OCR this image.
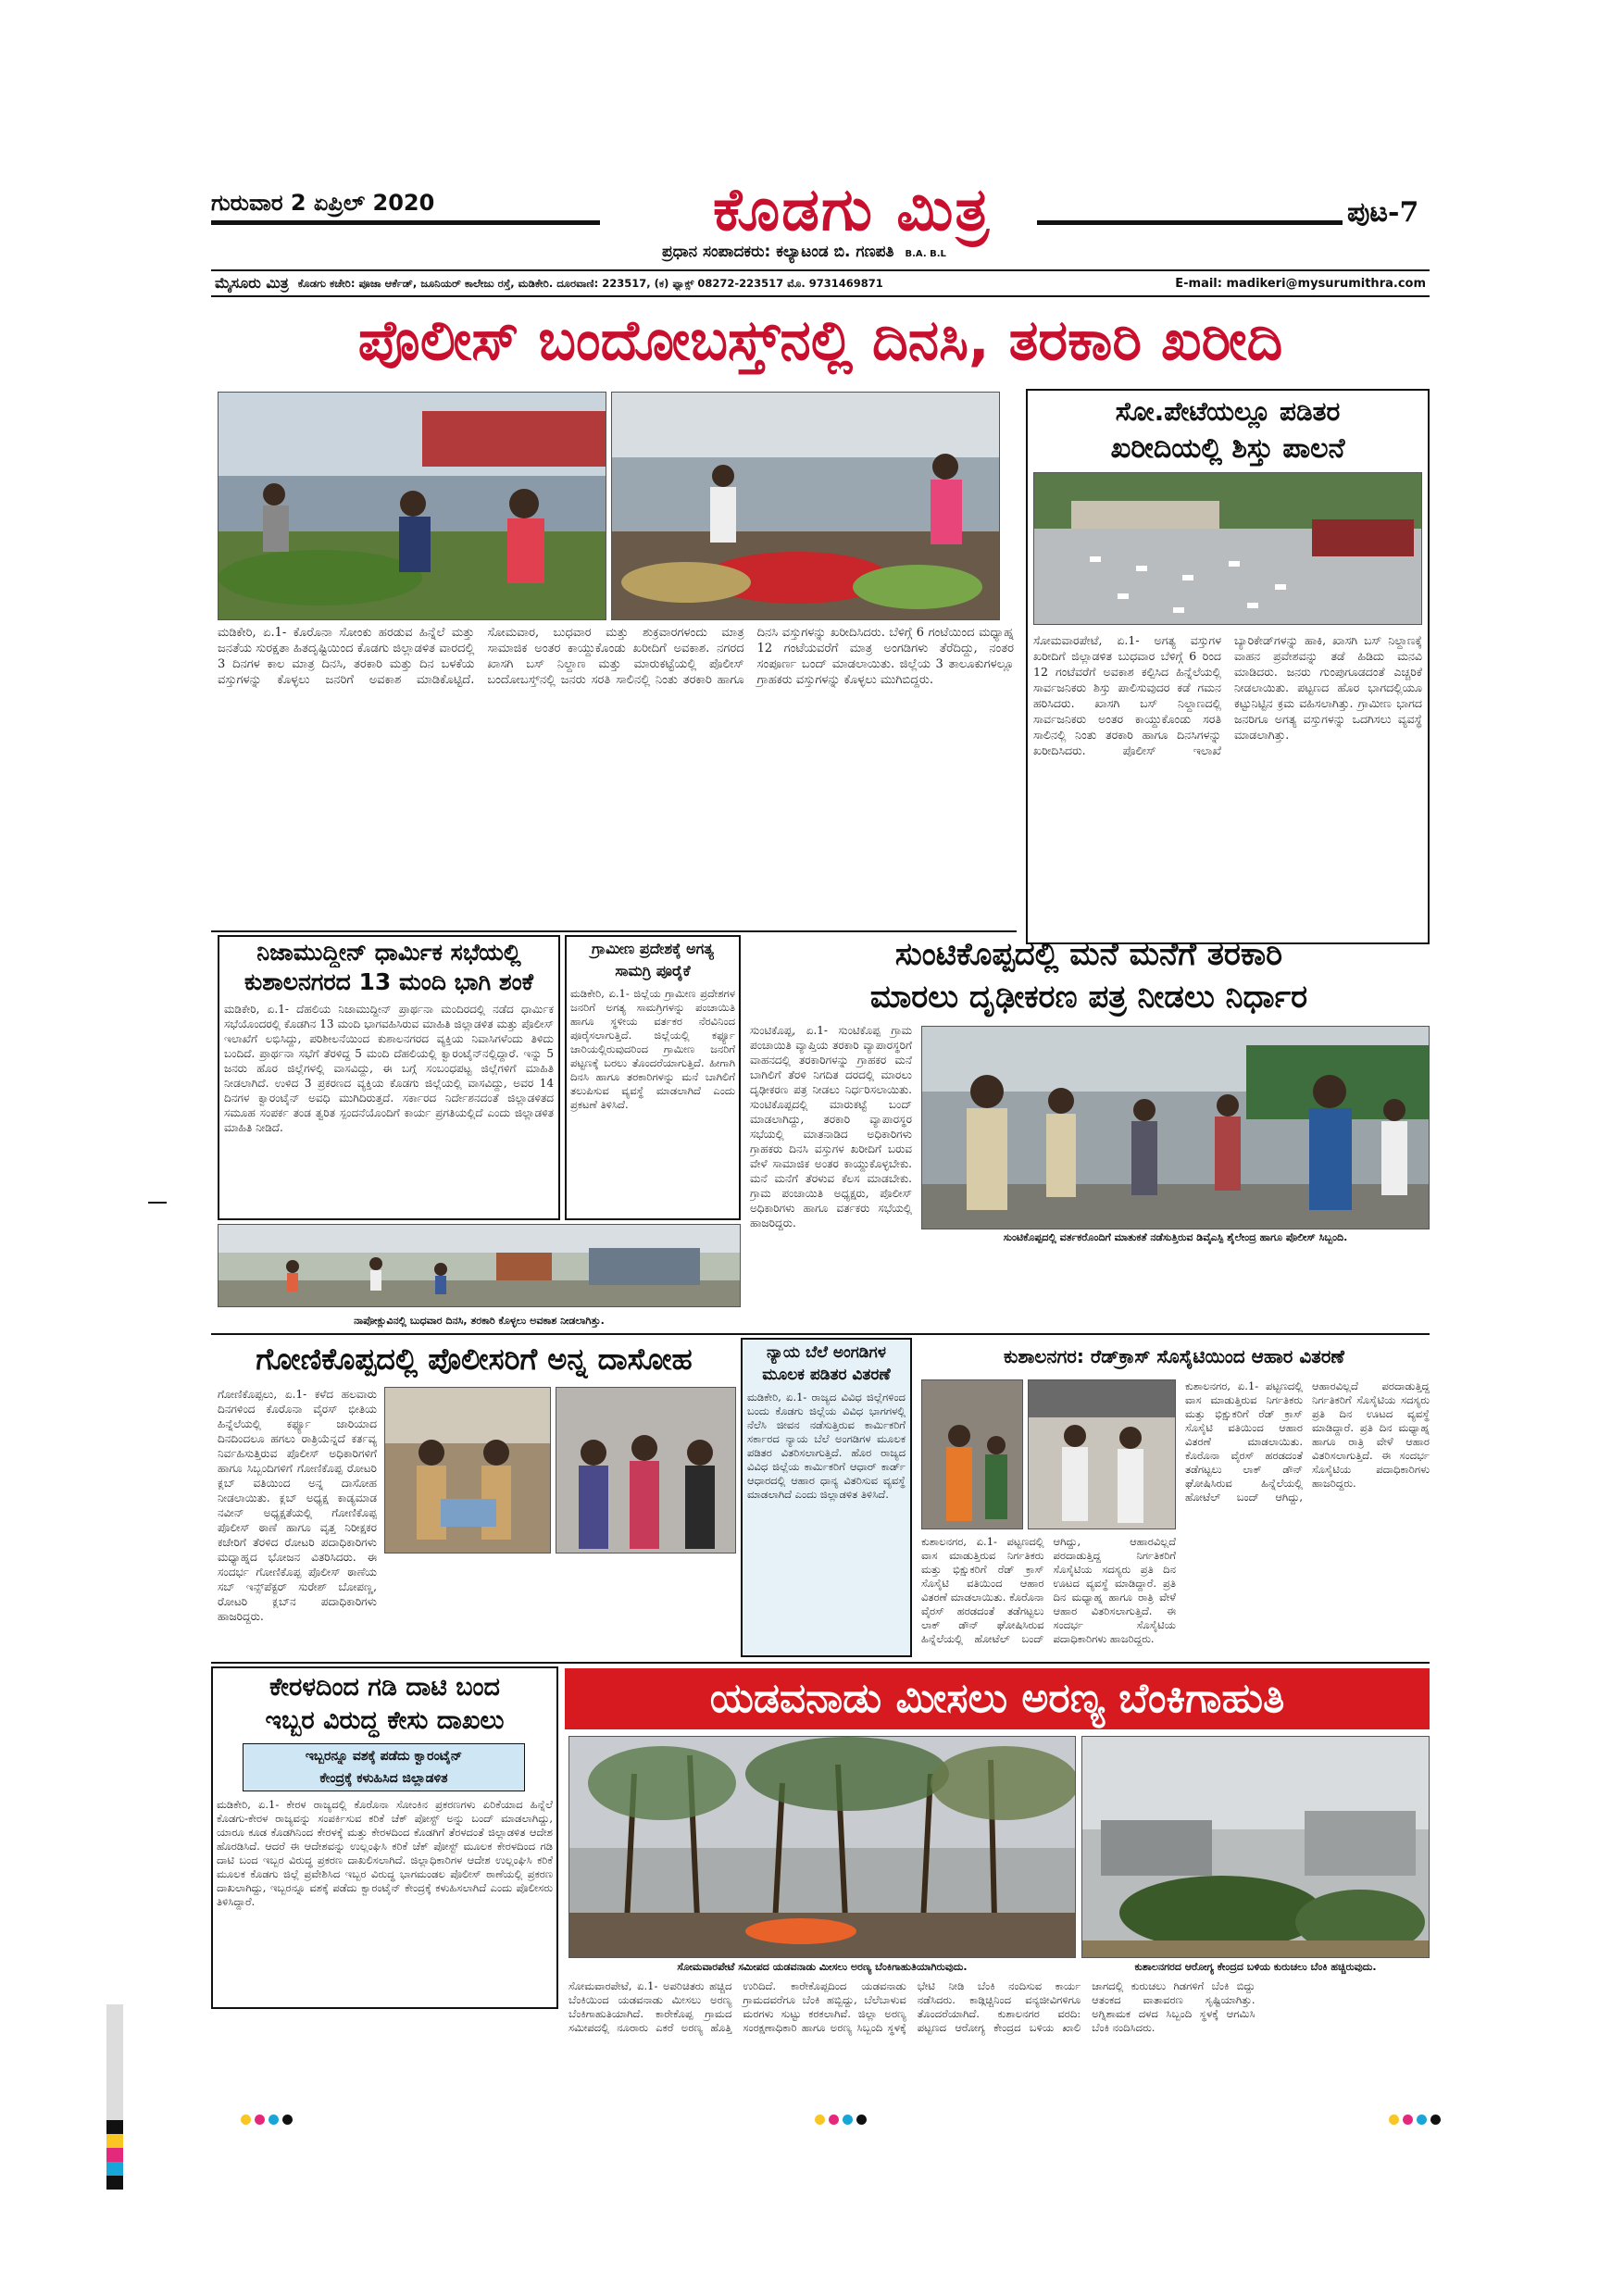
ಗುರುವಾರ 2 ಏಪ್ರಿಲ್ 2020	ಕೊಡಗು ಮಿತ್ರ	ಪುಟ-7
ಪ್ರಧಾನ ಸಂಪಾದಕರು: ಕಲ್ಯಾಟಂಡ ಬಿ. ಗಣಪತಿ B.A. B.L
ಮೈಸೂರು ಮಿತ್ರ ಕೊಡಗು ಕಚೇರಿ: ಪೂಜಾ ಆರ್ಕೆಡ್, ಜೂನಿಯರ್ ಕಾಲೇಜು ರಸ್ತೆ, ಮಡಿಕೇರಿ. ದೂರವಾಣಿ: 223517, (ಕ) ಫ್ಯಾಕ್ಸ್ 08272-223517 ಮೊ. 9731469871	E-mail: madikeri@mysurumithra.com
ಪೊಲೀಸ್ ಬಂದೋಬಸ್ತ್‌ನಲ್ಲಿ ದಿನಸಿ, ತರಕಾರಿ ಖರೀದಿ
ಸೋ.ಪೇಟೆಯಲ್ಲೂ ಪಡಿತರ
ಖರೀದಿಯಲ್ಲಿ ಶಿಸ್ತು ಪಾಲನೆ
ಸೋಮವಾರಪೇಟೆ, ಏ.1- ಅಗತ್ಯ ವಸ್ತುಗಳ ಖರೀದಿಗೆ ಜಿಲ್ಲಾಡಳಿತ ಬುಧವಾರ ಬೆಳಿಗ್ಗೆ 6 ರಿಂದ 12 ಗಂಟೆವರೆಗೆ ಅವಕಾಶ ಕಲ್ಪಿಸಿದ ಹಿನ್ನೆಲೆಯಲ್ಲಿ ಸಾರ್ವಜನಿಕರು ಶಿಸ್ತು ಪಾಲಿಸುವುದರ ಕಡೆ ಗಮನ ಹರಿಸಿದರು. ಖಾಸಗಿ ಬಸ್ ನಿಲ್ದಾಣದಲ್ಲಿ ಸಾರ್ವಜನಿಕರು ಅಂತರ ಕಾಯ್ದುಕೊಂಡು ಸರತಿ ಸಾಲಿನಲ್ಲಿ ನಿಂತು ತರಕಾರಿ ಹಾಗೂ ದಿನಸಿಗಳನ್ನು ಖರೀದಿಸಿದರು. ಪೊಲೀಸ್ ಇಲಾಖೆ ಬ್ಯಾರಿಕೇಡ್‌ಗಳನ್ನು ಹಾಕಿ, ಖಾಸಗಿ ಬಸ್ ನಿಲ್ದಾಣಕ್ಕೆ ವಾಹನ ಪ್ರವೇಶವನ್ನು ತಡೆ ಹಿಡಿದು ಮನವಿ ಮಾಡಿದರು. ಜನರು ಗುಂಪುಗೂಡದಂತೆ ಎಚ್ಚರಿಕೆ ನೀಡಲಾಯಿತು. ಪಟ್ಟಣದ ಹೊರ ಭಾಗದಲ್ಲಿಯೂ ಕಟ್ಟುನಿಟ್ಟಿನ ಕ್ರಮ ವಹಿಸಲಾಗಿತ್ತು. ಗ್ರಾಮೀಣ ಭಾಗದ ಜನರಿಗೂ ಅಗತ್ಯ ವಸ್ತುಗಳನ್ನು ಒದಗಿಸಲು ವ್ಯವಸ್ಥೆ ಮಾಡಲಾಗಿತ್ತು.
ಮಡಿಕೇರಿ, ಏ.1- ಕೊರೊನಾ ಸೋಂಕು ಹರಡುವ ಹಿನ್ನೆಲೆ ಮತ್ತು ಜನತೆಯ ಸುರಕ್ಷತಾ ಹಿತದೃಷ್ಟಿಯಿಂದ ಕೊಡಗು ಜಿಲ್ಲಾಡಳಿತ ವಾರದಲ್ಲಿ 3 ದಿನಗಳ ಕಾಲ ಮಾತ್ರ ದಿನಸಿ, ತರಕಾರಿ ಮತ್ತು ದಿನ ಬಳಕೆಯ ವಸ್ತುಗಳನ್ನು ಕೊಳ್ಳಲು ಜನರಿಗೆ ಅವಕಾಶ ಮಾಡಿಕೊಟ್ಟಿದೆ. ಸೋಮವಾರ, ಬುಧವಾರ ಮತ್ತು ಶುಕ್ರವಾರಗಳಂದು ಮಾತ್ರ ಸಾಮಾಜಿಕ ಅಂತರ ಕಾಯ್ದುಕೊಂಡು ಖರೀದಿಗೆ ಅವಕಾಶ. ನಗರದ ಖಾಸಗಿ ಬಸ್ ನಿಲ್ದಾಣ ಮತ್ತು ಮಾರುಕಟ್ಟೆಯಲ್ಲಿ ಪೊಲೀಸ್ ಬಂದೋಬಸ್ತ್‌ನಲ್ಲಿ ಜನರು ಸರತಿ ಸಾಲಿನಲ್ಲಿ ನಿಂತು ತರಕಾರಿ ಹಾಗೂ ದಿನಸಿ ವಸ್ತುಗಳನ್ನು ಖರೀದಿಸಿದರು. ಬೆಳಿಗ್ಗೆ 6 ಗಂಟೆಯಿಂದ ಮಧ್ಯಾಹ್ನ 12 ಗಂಟೆಯವರೆಗೆ ಮಾತ್ರ ಅಂಗಡಿಗಳು ತೆರೆದಿದ್ದು, ನಂತರ ಸಂಪೂರ್ಣ ಬಂದ್ ಮಾಡಲಾಯಿತು. ಜಿಲ್ಲೆಯ 3 ತಾಲೂಕುಗಳಲ್ಲೂ ಗ್ರಾಹಕರು ವಸ್ತುಗಳನ್ನು ಕೊಳ್ಳಲು ಮುಗಿಬಿದ್ದರು.
ನಿಜಾಮುದ್ದೀನ್ ಧಾರ್ಮಿಕ ಸಭೆಯಲ್ಲಿ
ಕುಶಾಲನಗರದ 13 ಮಂದಿ ಭಾಗಿ ಶಂಕೆ
ಮಡಿಕೇರಿ, ಏ.1- ದೆಹಲಿಯ ನಿಜಾಮುದ್ದೀನ್ ಪ್ರಾರ್ಥನಾ ಮಂದಿರದಲ್ಲಿ ನಡೆದ ಧಾರ್ಮಿಕ ಸಭೆಯೊಂದರಲ್ಲಿ ಕೊಡಗಿನ 13 ಮಂದಿ ಭಾಗವಹಿಸಿರುವ ಮಾಹಿತಿ ಜಿಲ್ಲಾಡಳಿತ ಮತ್ತು ಪೊಲೀಸ್ ಇಲಾಖೆಗೆ ಲಭಿಸಿದ್ದು, ಪರಿಶೀಲನೆಯಿಂದ ಕುಶಾಲನಗರದ ವ್ಯಕ್ತಿಯ ನಿವಾಸಿಗಳೆಂದು ತಿಳಿದು ಬಂದಿದೆ. ಪ್ರಾರ್ಥನಾ ಸಭೆಗೆ ತೆರಳಿದ್ದ 5 ಮಂದಿ ದೆಹಲಿಯಲ್ಲಿ ಕ್ವಾರಂಟೈನ್‌ನಲ್ಲಿದ್ದಾರೆ. ಇನ್ನು 5 ಜನರು ಹೊರ ಜಿಲ್ಲೆಗಳಲ್ಲಿ ವಾಸವಿದ್ದು, ಈ ಬಗ್ಗೆ ಸಂಬಂಧಪಟ್ಟ ಜಿಲ್ಲೆಗಳಿಗೆ ಮಾಹಿತಿ ನೀಡಲಾಗಿದೆ. ಉಳಿದ 3 ಪ್ರಕರಣದ ವ್ಯಕ್ತಿಯ ಕೊಡಗು ಜಿಲ್ಲೆಯಲ್ಲಿ ವಾಸವಿದ್ದು, ಅವರ 14 ದಿನಗಳ ಕ್ವಾರಂಟೈನ್ ಅವಧಿ ಮುಗಿದಿರುತ್ತದೆ. ಸರ್ಕಾರದ ನಿರ್ದೇಶನದಂತೆ ಜಿಲ್ಲಾಡಳಿತದ ಸಮೂಹ ಸಂಪರ್ಕ ತಂಡ ತ್ವರಿತ ಸ್ಪಂದನೆಯೊಂದಿಗೆ ಕಾರ್ಯ ಪ್ರಗತಿಯಲ್ಲಿದೆ ಎಂದು ಜಿಲ್ಲಾಡಳಿತ ಮಾಹಿತಿ ನೀಡಿದೆ.
ಗ್ರಾಮೀಣ ಪ್ರದೇಶಕ್ಕೆ ಅಗತ್ಯ
ಸಾಮಗ್ರಿ ಪೂರೈಕೆ
ಮಡಿಕೇರಿ, ಏ.1- ಜಿಲ್ಲೆಯ ಗ್ರಾಮೀಣ ಪ್ರದೇಶಗಳ ಜನರಿಗೆ ಅಗತ್ಯ ಸಾಮಗ್ರಿಗಳನ್ನು ಪಂಚಾಯಿತಿ ಹಾಗೂ ಸ್ಥಳೀಯ ವರ್ತಕರ ನೆರವಿನಿಂದ ಪೂರೈಸಲಾಗುತ್ತಿದೆ. ಜಿಲ್ಲೆಯಲ್ಲಿ ಕರ್ಫ್ಯೂ ಜಾರಿಯಲ್ಲಿರುವುದರಿಂದ ಗ್ರಾಮೀಣ ಜನರಿಗೆ ಪಟ್ಟಣಕ್ಕೆ ಬರಲು ತೊಂದರೆಯಾಗುತ್ತಿದೆ. ಹೀಗಾಗಿ ದಿನಸಿ ಹಾಗೂ ತರಕಾರಿಗಳನ್ನು ಮನೆ ಬಾಗಿಲಿಗೆ ತಲುಪಿಸುವ ವ್ಯವಸ್ಥೆ ಮಾಡಲಾಗಿದೆ ಎಂದು ಪ್ರಕಟಣೆ ತಿಳಿಸಿದೆ.
ನಾಪೋಕ್ಲುವಿನಲ್ಲಿ ಬುಧವಾರ ದಿನಸಿ, ತರಕಾರಿ ಕೊಳ್ಳಲು ಅವಕಾಶ ನೀಡಲಾಗಿತ್ತು.
ಸುಂಟಿಕೊಪ್ಪದಲ್ಲಿ ಮನೆ ಮನೆಗೆ ತರಕಾರಿ
ಮಾರಲು ದೃಢೀಕರಣ ಪತ್ರ ನೀಡಲು ನಿರ್ಧಾರ
ಸುಂಟಿಕೊಪ್ಪ, ಏ.1- ಸುಂಟಿಕೊಪ್ಪ ಗ್ರಾಮ ಪಂಚಾಯಿತಿ ವ್ಯಾಪ್ತಿಯ ತರಕಾರಿ ವ್ಯಾಪಾರಸ್ಥರಿಗೆ ವಾಹನದಲ್ಲಿ ತರಕಾರಿಗಳನ್ನು ಗ್ರಾಹಕರ ಮನೆ ಬಾಗಿಲಿಗೆ ತೆರಳಿ ನಿಗದಿತ ದರದಲ್ಲಿ ಮಾರಲು ದೃಢೀಕರಣ ಪತ್ರ ನೀಡಲು ನಿರ್ಧರಿಸಲಾಯಿತು. ಸುಂಟಿಕೊಪ್ಪದಲ್ಲಿ ಮಾರುಕಟ್ಟೆ ಬಂದ್ ಮಾಡಲಾಗಿದ್ದು, ತರಕಾರಿ ವ್ಯಾಪಾರಸ್ಥರ ಸಭೆಯಲ್ಲಿ ಮಾತನಾಡಿದ ಅಧಿಕಾರಿಗಳು ಗ್ರಾಹಕರು ದಿನಸಿ ವಸ್ತುಗಳ ಖರೀದಿಗೆ ಬರುವ ವೇಳೆ ಸಾಮಾಜಿಕ ಅಂತರ ಕಾಯ್ದುಕೊಳ್ಳಬೇಕು. ಮನೆ ಮನೆಗೆ ತೆರಳುವ ಕೆಲಸ ಮಾಡಬೇಕು. ಗ್ರಾಮ ಪಂಚಾಯಿತಿ ಅಧ್ಯಕ್ಷರು, ಪೊಲೀಸ್ ಅಧಿಕಾರಿಗಳು ಹಾಗೂ ವರ್ತಕರು ಸಭೆಯಲ್ಲಿ ಹಾಜರಿದ್ದರು.
ಸುಂಟಿಕೊಪ್ಪದಲ್ಲಿ ವರ್ತಕರೊಂದಿಗೆ ಮಾತುಕತೆ ನಡೆಸುತ್ತಿರುವ ಡಿವೈಎಸ್ಪಿ ಶೈಲೇಂದ್ರ ಹಾಗೂ ಪೊಲೀಸ್ ಸಿಬ್ಬಂದಿ.
ಗೋಣಿಕೊಪ್ಪದಲ್ಲಿ ಪೊಲೀಸರಿಗೆ ಅನ್ನ ದಾಸೋಹ
ಗೋಣಿಕೊಪ್ಪಲು, ಏ.1- ಕಳೆದ ಹಲವಾರು ದಿನಗಳಿಂದ ಕೊರೊನಾ ವೈರಸ್ ಭೀತಿಯ ಹಿನ್ನೆಲೆಯಲ್ಲಿ ಕರ್ಫ್ಯೂ ಜಾರಿಯಾದ ದಿನದಿಂದಲೂ ಹಗಲು ರಾತ್ರಿಯೆನ್ನದೆ ಕರ್ತವ್ಯ ನಿರ್ವಹಿಸುತ್ತಿರುವ ಪೊಲೀಸ್ ಅಧಿಕಾರಿಗಳಿಗೆ ಹಾಗೂ ಸಿಬ್ಬಂದಿಗಳಿಗೆ ಗೋಣಿಕೊಪ್ಪ ರೋಟರಿ ಕ್ಲಬ್ ವತಿಯಿಂದ ಅನ್ನ ದಾಸೋಹ ನೀಡಲಾಯಿತು. ಕ್ಲಬ್ ಅಧ್ಯಕ್ಷ ಕಾಡ್ಯಮಾಡ ನವೀನ್ ಅಧ್ಯಕ್ಷತೆಯಲ್ಲಿ ಗೋಣಿಕೊಪ್ಪ ಪೊಲೀಸ್ ಠಾಣೆ ಹಾಗೂ ವೃತ್ತ ನಿರೀಕ್ಷಕರ ಕಚೇರಿಗೆ ತೆರಳಿದ ರೋಟರಿ ಪದಾಧಿಕಾರಿಗಳು ಮಧ್ಯಾಹ್ನದ ಭೋಜನ ವಿತರಿಸಿದರು. ಈ ಸಂದರ್ಭ ಗೋಣಿಕೊಪ್ಪ ಪೊಲೀಸ್ ಠಾಣೆಯ ಸಬ್ ಇನ್ಸ್‌ಪೆಕ್ಟರ್ ಸುರೇಶ್ ಬೋಪಣ್ಣ, ರೋಟರಿ ಕ್ಲಬ್‌ನ ಪದಾಧಿಕಾರಿಗಳು ಹಾಜರಿದ್ದರು.
ನ್ಯಾಯ ಬೆಲೆ ಅಂಗಡಿಗಳ
ಮೂಲಕ ಪಡಿತರ ವಿತರಣೆ
ಮಡಿಕೇರಿ, ಏ.1- ರಾಜ್ಯದ ವಿವಿಧ ಜಿಲ್ಲೆಗಳಿಂದ ಬಂದು ಕೊಡಗು ಜಿಲ್ಲೆಯ ವಿವಿಧ ಭಾಗಗಳಲ್ಲಿ ನೆಲೆಸಿ ಜೀವನ ನಡೆಸುತ್ತಿರುವ ಕಾರ್ಮಿಕರಿಗೆ ಸರ್ಕಾರದ ನ್ಯಾಯ ಬೆಲೆ ಅಂಗಡಿಗಳ ಮೂಲಕ ಪಡಿತರ ವಿತರಿಸಲಾಗುತ್ತಿದೆ. ಹೊರ ರಾಜ್ಯದ ವಿವಿಧ ಜಿಲ್ಲೆಯ ಕಾರ್ಮಿಕರಿಗೆ ಆಧಾರ್ ಕಾರ್ಡ್ ಆಧಾರದಲ್ಲಿ ಆಹಾರ ಧಾನ್ಯ ವಿತರಿಸುವ ವ್ಯವಸ್ಥೆ ಮಾಡಲಾಗಿದೆ ಎಂದು ಜಿಲ್ಲಾಡಳಿತ ತಿಳಿಸಿದೆ.
ಕುಶಾಲನಗರ: ರೆಡ್‌ಕ್ರಾಸ್ ಸೊಸೈಟಿಯಿಂದ ಆಹಾರ ವಿತರಣೆ
ಕುಶಾಲನಗರ, ಏ.1- ಪಟ್ಟಣದಲ್ಲಿ ವಾಸ ಮಾಡುತ್ತಿರುವ ನಿರ್ಗತಿಕರು ಮತ್ತು ಭಿಕ್ಷುಕರಿಗೆ ರೆಡ್ ಕ್ರಾಸ್ ಸೊಸೈಟಿ ವತಿಯಿಂದ ಆಹಾರ ವಿತರಣೆ ಮಾಡಲಾಯಿತು. ಕೊರೊನಾ ವೈರಸ್ ಹರಡದಂತೆ ತಡೆಗಟ್ಟಲು ಲಾಕ್ ಡೌನ್ ಘೋಷಿಸಿರುವ ಹಿನ್ನೆಲೆಯಲ್ಲಿ ಹೋಟೆಲ್ ಬಂದ್ ಆಗಿದ್ದು, ಆಹಾರವಿಲ್ಲದೆ ಪರದಾಡುತ್ತಿದ್ದ ನಿರ್ಗತಿಕರಿಗೆ ಸೊಸೈಟಿಯ ಸದಸ್ಯರು ಪ್ರತಿ ದಿನ ಊಟದ ವ್ಯವಸ್ಥೆ ಮಾಡಿದ್ದಾರೆ. ಪ್ರತಿ ದಿನ ಮಧ್ಯಾಹ್ನ ಹಾಗೂ ರಾತ್ರಿ ವೇಳೆ ಆಹಾರ ವಿತರಿಸಲಾಗುತ್ತಿದೆ. ಈ ಸಂದರ್ಭ ಸೊಸೈಟಿಯ ಪದಾಧಿಕಾರಿಗಳು ಹಾಜರಿದ್ದರು.
ಕುಶಾಲನಗರ, ಏ.1- ಪಟ್ಟಣದಲ್ಲಿ ವಾಸ ಮಾಡುತ್ತಿರುವ ನಿರ್ಗತಿಕರು ಮತ್ತು ಭಿಕ್ಷುಕರಿಗೆ ರೆಡ್ ಕ್ರಾಸ್ ಸೊಸೈಟಿ ವತಿಯಿಂದ ಆಹಾರ ವಿತರಣೆ ಮಾಡಲಾಯಿತು. ಕೊರೊನಾ ವೈರಸ್ ಹರಡದಂತೆ ತಡೆಗಟ್ಟಲು ಲಾಕ್ ಡೌನ್ ಘೋಷಿಸಿರುವ ಹಿನ್ನೆಲೆಯಲ್ಲಿ ಹೋಟೆಲ್ ಬಂದ್ ಆಗಿದ್ದು, ಆಹಾರವಿಲ್ಲದೆ ಪರದಾಡುತ್ತಿದ್ದ ನಿರ್ಗತಿಕರಿಗೆ ಸೊಸೈಟಿಯ ಸದಸ್ಯರು ಪ್ರತಿ ದಿನ ಊಟದ ವ್ಯವಸ್ಥೆ ಮಾಡಿದ್ದಾರೆ. ಪ್ರತಿ ದಿನ ಮಧ್ಯಾಹ್ನ ಹಾಗೂ ರಾತ್ರಿ ವೇಳೆ ಆಹಾರ ವಿತರಿಸಲಾಗುತ್ತಿದೆ. ಈ ಸಂದರ್ಭ ಸೊಸೈಟಿಯ ಪದಾಧಿಕಾರಿಗಳು ಹಾಜರಿದ್ದರು.
ಕೇರಳದಿಂದ ಗಡಿ ದಾಟಿ ಬಂದ
ಇಬ್ಬರ ವಿರುದ್ಧ ಕೇಸು ದಾಖಲು
ಇಬ್ಬರನ್ನೂ ವಶಕ್ಕೆ ಪಡೆದು ಕ್ವಾರಂಟೈನ್
ಕೇಂದ್ರಕ್ಕೆ ಕಳುಹಿಸಿದ ಜಿಲ್ಲಾಡಳಿತ
ಮಡಿಕೇರಿ, ಏ.1- ಕೇರಳ ರಾಜ್ಯದಲ್ಲಿ ಕೊರೊನಾ ಸೋಂಕಿನ ಪ್ರಕರಣಗಳು ಏರಿಕೆಯಾದ ಹಿನ್ನೆಲೆ ಕೊಡಗು-ಕೇರಳ ರಾಜ್ಯವನ್ನು ಸಂಪರ್ಕಿಸುವ ಕರಿಕೆ ಚೆಕ್ ಪೋಸ್ಟ್ ಅನ್ನು ಬಂದ್ ಮಾಡಲಾಗಿದ್ದು, ಯಾರೂ ಕೂಡ ಕೊಡಗಿನಿಂದ ಕೇರಳಕ್ಕೆ ಮತ್ತು ಕೇರಳದಿಂದ ಕೊಡಗಿಗೆ ತೆರಳದಂತೆ ಜಿಲ್ಲಾಡಳಿತ ಆದೇಶ ಹೊರಡಿಸಿದೆ. ಆದರೆ ಈ ಆದೇಶವನ್ನು ಉಲ್ಲಂಘಿಸಿ ಕರಿಕೆ ಚೆಕ್ ಪೋಸ್ಟ್ ಮೂಲಕ ಕೇರಳದಿಂದ ಗಡಿ ದಾಟಿ ಬಂದ ಇಬ್ಬರ ವಿರುದ್ಧ ಪ್ರಕರಣ ದಾಖಲಿಸಲಾಗಿದೆ. ಜಿಲ್ಲಾಧಿಕಾರಿಗಳ ಆದೇಶ ಉಲ್ಲಂಘಿಸಿ ಕರಿಕೆ ಮೂಲಕ ಕೊಡಗು ಜಿಲ್ಲೆ ಪ್ರವೇಶಿಸಿದ ಇಬ್ಬರ ವಿರುದ್ಧ ಭಾಗಮಂಡಲ ಪೊಲೀಸ್ ಠಾಣೆಯಲ್ಲಿ ಪ್ರಕರಣ ದಾಖಲಾಗಿದ್ದು, ಇಬ್ಬರನ್ನೂ ವಶಕ್ಕೆ ಪಡೆದು ಕ್ವಾರಂಟೈನ್ ಕೇಂದ್ರಕ್ಕೆ ಕಳುಹಿಸಲಾಗಿದೆ ಎಂದು ಪೊಲೀಸರು ತಿಳಿಸಿದ್ದಾರೆ.
ಯಡವನಾಡು ಮೀಸಲು ಅರಣ್ಯ ಬೆಂಕಿಗಾಹುತಿ
ಸೋಮವಾರಪೇಟೆ ಸಮೀಪದ ಯಡವನಾಡು ಮೀಸಲು ಅರಣ್ಯ ಬೆಂಕಿಗಾಹುತಿಯಾಗಿರುವುದು.	ಕುಶಾಲನಗರದ ಆರೋಗ್ಯ ಕೇಂದ್ರದ ಬಳಿಯ ಕುರುಚಲು ಬೆಂಕಿ ಹಚ್ಚಿರುವುದು.
ಸೋಮವಾರಪೇಟೆ, ಏ.1- ಅಪರಿಚಿತರು ಹಚ್ಚಿದ ಬೆಂಕಿಯಿಂದ ಯಡವನಾಡು ಮೀಸಲು ಅರಣ್ಯ ಬೆಂಕಿಗಾಹುತಿಯಾಗಿದೆ. ಕಾರೇಕೊಪ್ಪ ಗ್ರಾಮದ ಸಮೀಪದಲ್ಲಿ ನೂರಾರು ಎಕರೆ ಅರಣ್ಯ ಹೊತ್ತಿ ಉರಿದಿದೆ. ಕಾರೇಕೊಪ್ಪದಿಂದ ಯಡವನಾಡು ಗ್ರಾಮದವರೆಗೂ ಬೆಂಕಿ ಹಬ್ಬಿದ್ದು, ಬೆಲೆಬಾಳುವ ಮರಗಳು ಸುಟ್ಟು ಕರಕಲಾಗಿವೆ. ಜಿಲ್ಲಾ ಅರಣ್ಯ ಸಂರಕ್ಷಣಾಧಿಕಾರಿ ಹಾಗೂ ಅರಣ್ಯ ಸಿಬ್ಬಂದಿ ಸ್ಥಳಕ್ಕೆ ಭೇಟಿ ನೀಡಿ ಬೆಂಕಿ ನಂದಿಸುವ ಕಾರ್ಯ ನಡೆಸಿದರು. ಕಾಡ್ಗಿಚ್ಚಿನಿಂದ ವನ್ಯಜೀವಿಗಳಿಗೂ ತೊಂದರೆಯಾಗಿದೆ. ಕುಶಾಲನಗರ ವರದಿ: ಪಟ್ಟಣದ ಆರೋಗ್ಯ ಕೇಂದ್ರದ ಬಳಿಯ ಖಾಲಿ ಜಾಗದಲ್ಲಿ ಕುರುಚಲು ಗಿಡಗಳಿಗೆ ಬೆಂಕಿ ಬಿದ್ದು ಆತಂಕದ ವಾತಾವರಣ ಸೃಷ್ಟಿಯಾಗಿತ್ತು. ಅಗ್ನಿಶಾಮಕ ದಳದ ಸಿಬ್ಬಂದಿ ಸ್ಥಳಕ್ಕೆ ಆಗಮಿಸಿ ಬೆಂಕಿ ನಂದಿಸಿದರು.
